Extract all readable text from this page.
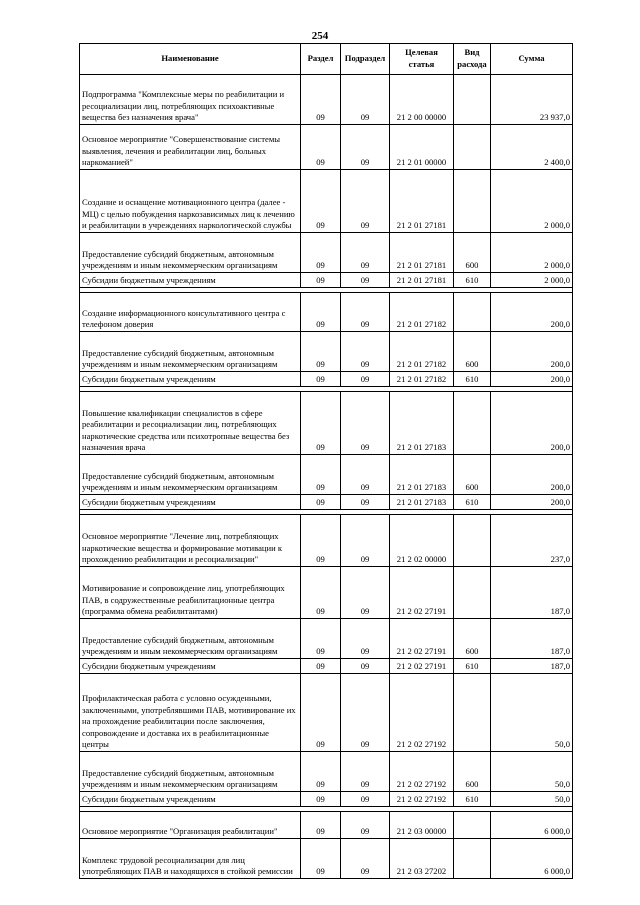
254
Наименование	Раздел	Подраздел	Целевая статья	Вид расхода	Сумма
Подпрограмма "Комплексные меры по реабилитации и ресоциализации лиц, потребляющих психоактивные вещества без назначения врача"	09	09	21 2 00 00000		23 937,0
Основное мероприятие "Совершенствование системы выявления, лечения и реабилитации лиц, больных наркоманией"	09	09	21 2 01 00000		2 400,0
Создание и оснащение мотивационного центра (далее - МЦ) с целью побуждения наркозависимых лиц к лечению и реабилитации в учреждениях наркологической службы	09	09	21 2 01 27181		2 000,0
Предоставление субсидий бюджетным, автономным учреждениям и иным некоммерческим организациям	09	09	21 2 01 27181	600	2 000,0
Субсидии бюджетным учреждениям	09	09	21 2 01 27181	610	2 000,0

Создание информационного консультативного центра с телефоном доверия	09	09	21 2 01 27182		200,0
Предоставление субсидий бюджетным, автономным учреждениям и иным некоммерческим организациям	09	09	21 2 01 27182	600	200,0
Субсидии бюджетным учреждениям	09	09	21 2 01 27182	610	200,0

Повышение квалификации специалистов в сфере реабилитации и ресоциализации лиц, потребляющих наркотические средства или психотропные вещества без назначения врача	09	09	21 2 01 27183		200,0
Предоставление субсидий бюджетным, автономным учреждениям и иным некоммерческим организациям	09	09	21 2 01 27183	600	200,0
Субсидии бюджетным учреждениям	09	09	21 2 01 27183	610	200,0

Основное мероприятие "Лечение лиц, потребляющих наркотические вещества и формирование мотивации к прохождению реабилитации и ресоциализации"	09	09	21 2 02 00000		237,0
Мотивирование и сопровождение лиц, употребляющих ПАВ, в содружественные реабилитационные центра (программа обмена реабилитантами)	09	09	21 2 02 27191		187,0
Предоставление субсидий бюджетным, автономным учреждениям и иным некоммерческим организациям	09	09	21 2 02 27191	600	187,0
Субсидии бюджетным учреждениям	09	09	21 2 02 27191	610	187,0
Профилактическая работа с условно осужденными, заключенными, употреблявшими ПАВ, мотивирование их на прохождение реабилитации после заключения, сопровождение и доставка их в реабилитационные центры	09	09	21 2 02 27192		50,0
Предоставление субсидий бюджетным, автономным учреждениям и иным некоммерческим организациям	09	09	21 2 02 27192	600	50,0
Субсидии бюджетным учреждениям	09	09	21 2 02 27192	610	50,0

Основное мероприятие "Организация реабилитации"	09	09	21 2 03 00000		6 000,0
Комплекс трудовой ресоциализации для лиц употребляющих ПАВ и находящихся в стойкой ремиссии	09	09	21 2 03 27202		6 000,0
